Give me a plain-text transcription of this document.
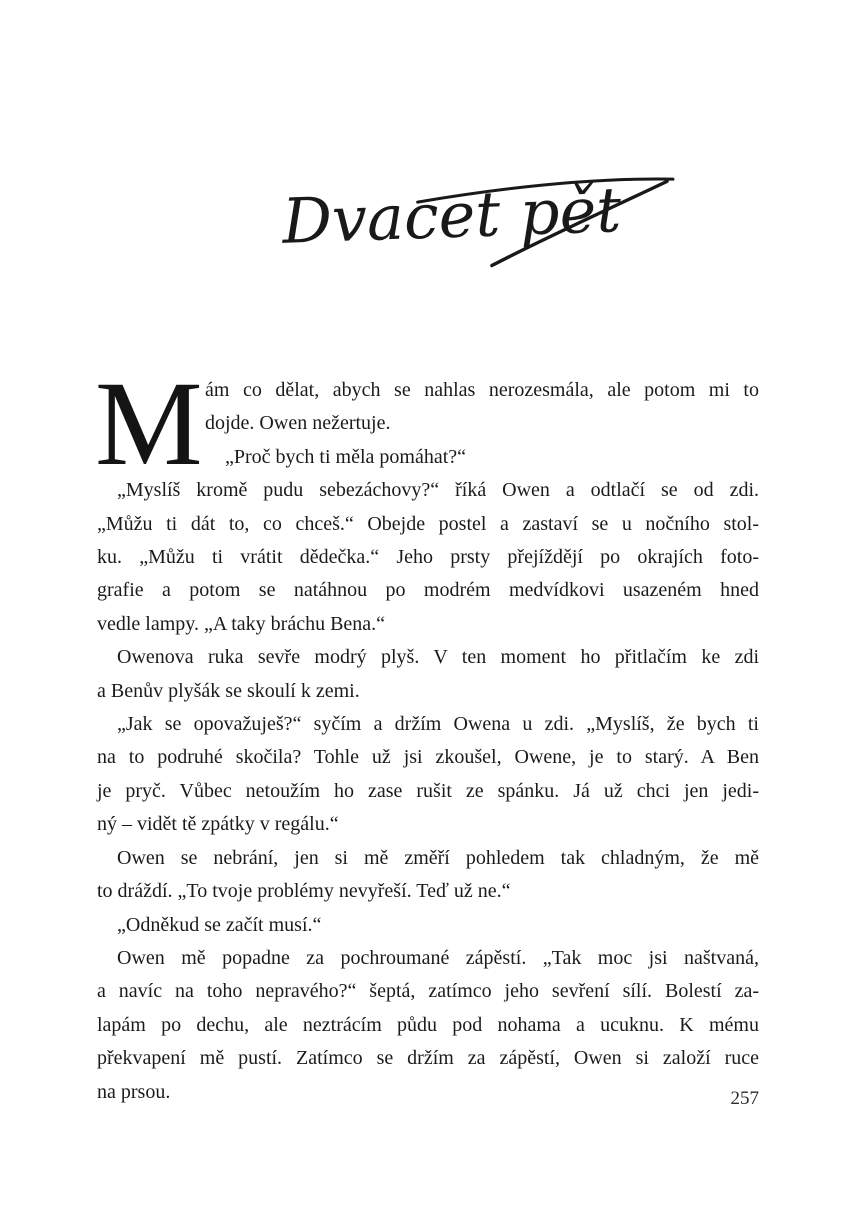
Dvacet pět
M ám co dělat, abych se nahlas nerozesmála, ale potom mi to
dojde. Owen nežertuje.
„Proč bych ti měla pomáhat?“
„Myslíš kromě pudu sebezáchovy?“ říká Owen a odtlačí se od zdi.
„Můžu ti dát to, co chceš.“ Obejde postel a zastaví se u nočního stol-
ku. „Můžu ti vrátit dědečka.“ Jeho prsty přejíždějí po okrajích foto-
grafie a potom se natáhnou po modrém medvídkovi usazeném hned
vedle lampy. „A taky bráchu Bena.“
Owenova ruka sevře modrý plyš. V ten moment ho přitlačím ke zdi
a Benův plyšák se skoulí k zemi.
„Jak se opovažuješ?“ syčím a držím Owena u zdi. „Myslíš, že bych ti
na to podruhé skočila? Tohle už jsi zkoušel, Owene, je to starý. A Ben
je pryč. Vůbec netoužím ho zase rušit ze spánku. Já už chci jen jedi-
ný – vidět tě zpátky v regálu.“
Owen se nebrání, jen si mě změří pohledem tak chladným, že mě
to dráždí. „To tvoje problémy nevyřeší. Teď už ne.“
„Odněkud se začít musí.“
Owen mě popadne za pochroumané zápěstí. „Tak moc jsi naštvaná,
a navíc na toho nepravého?“ šeptá, zatímco jeho sevření sílí. Bolestí za-
lapám po dechu, ale neztrácím půdu pod nohama a ucuknu. K mému
překvapení mě pustí. Zatímco se držím za zápěstí, Owen si založí ruce
na prsou.	257
